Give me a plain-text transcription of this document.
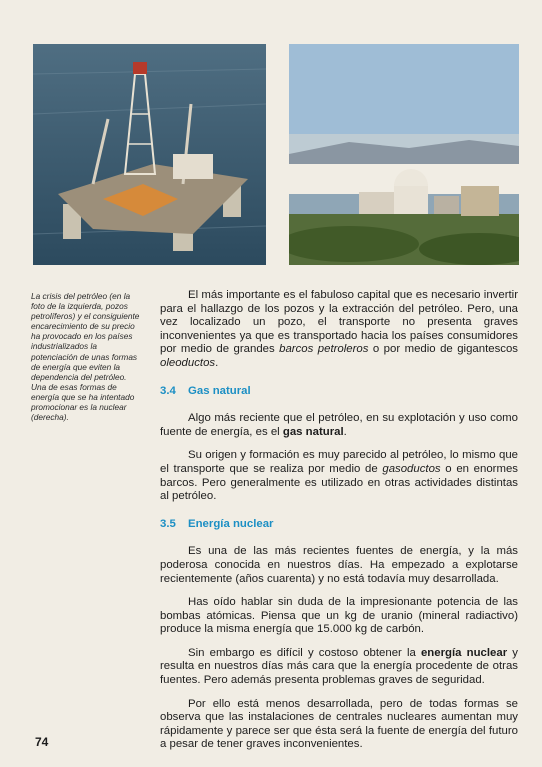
La crisis del petróleo (en la foto de la izquierda, pozos petrolíferos) y el consiguiente encarecimiento de su precio ha provocado en los países industrializados la potenciación de unas formas de energía que eviten la dependencia del petróleo. Una de esas formas de energía que se ha intentado promocionar es la nuclear (derecha).

El más importante es el fabuloso capital que es necesario invertir para el hallazgo de los pozos y la extracción del petróleo. Pero, una vez localizado un pozo, el transporte no presenta graves inconvenientes ya que es transportado hacia los países consumidores por medio de grandes barcos petroleros o por medio de gigantescos oleoductos.

3.4 Gas natural

Algo más reciente que el petróleo, en su explotación y uso como fuente de energía, es el gas natural.

Su origen y formación es muy parecido al petróleo, lo mismo que el transporte que se realiza por medio de gasoductos o en enormes barcos. Pero generalmente es utilizado en otras actividades distintas al petróleo.

3.5 Energía nuclear

Es una de las más recientes fuentes de energía, y la más poderosa conocida en nuestros días. Ha empezado a explotarse recientemente (años cuarenta) y no está todavía muy desarrollada.

Has oído hablar sin duda de la impresionante potencia de las bombas atómicas. Piensa que un kg de uranio (mineral radiactivo) produce la misma energía que 15.000 kg de carbón.

Sin embargo es difícil y costoso obtener la energía nuclear y resulta en nuestros días más cara que la energía procedente de otras fuentes. Pero además presenta problemas graves de seguridad.

Por ello está menos desarrollada, pero de todas formas se observa que las instalaciones de centrales nucleares aumentan muy rápidamente y parece ser que ésta será la fuente de energía del futuro a pesar de tener graves inconvenientes.

74
